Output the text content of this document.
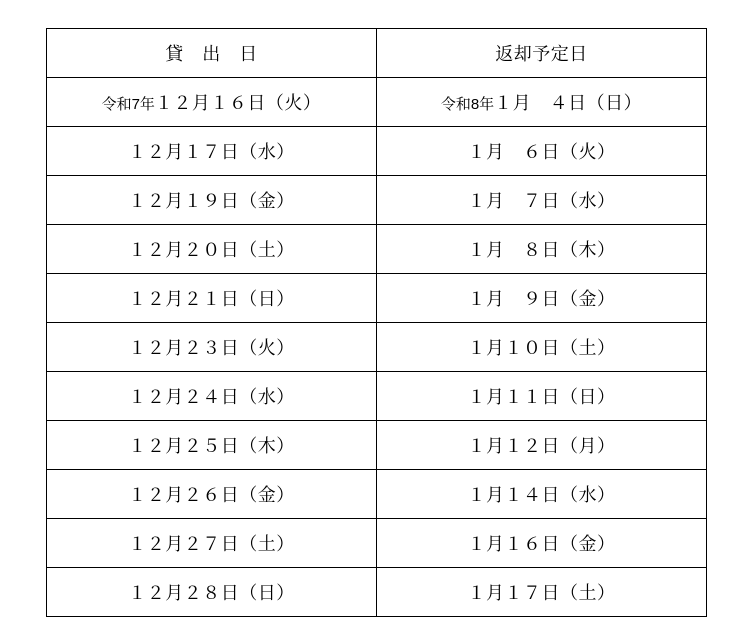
貸　出　日	返却予定日

令和7年１２月１６日（火）	令和8年１月　４日（日）

１２月１７日（水）	１月　６日（火）

１２月１９日（金）	１月　７日（水）

１２月２０日（土）	１月　８日（木）

１２月２１日（日）	１月　９日（金）

１２月２３日（火）	１月１０日（土）

１２月２４日（水）	１月１１日（日）

１２月２５日（木）	１月１２日（月）

１２月２６日（金）	１月１４日（水）

１２月２７日（土）	１月１６日（金）

１２月２８日（日）	１月１７日（土）
